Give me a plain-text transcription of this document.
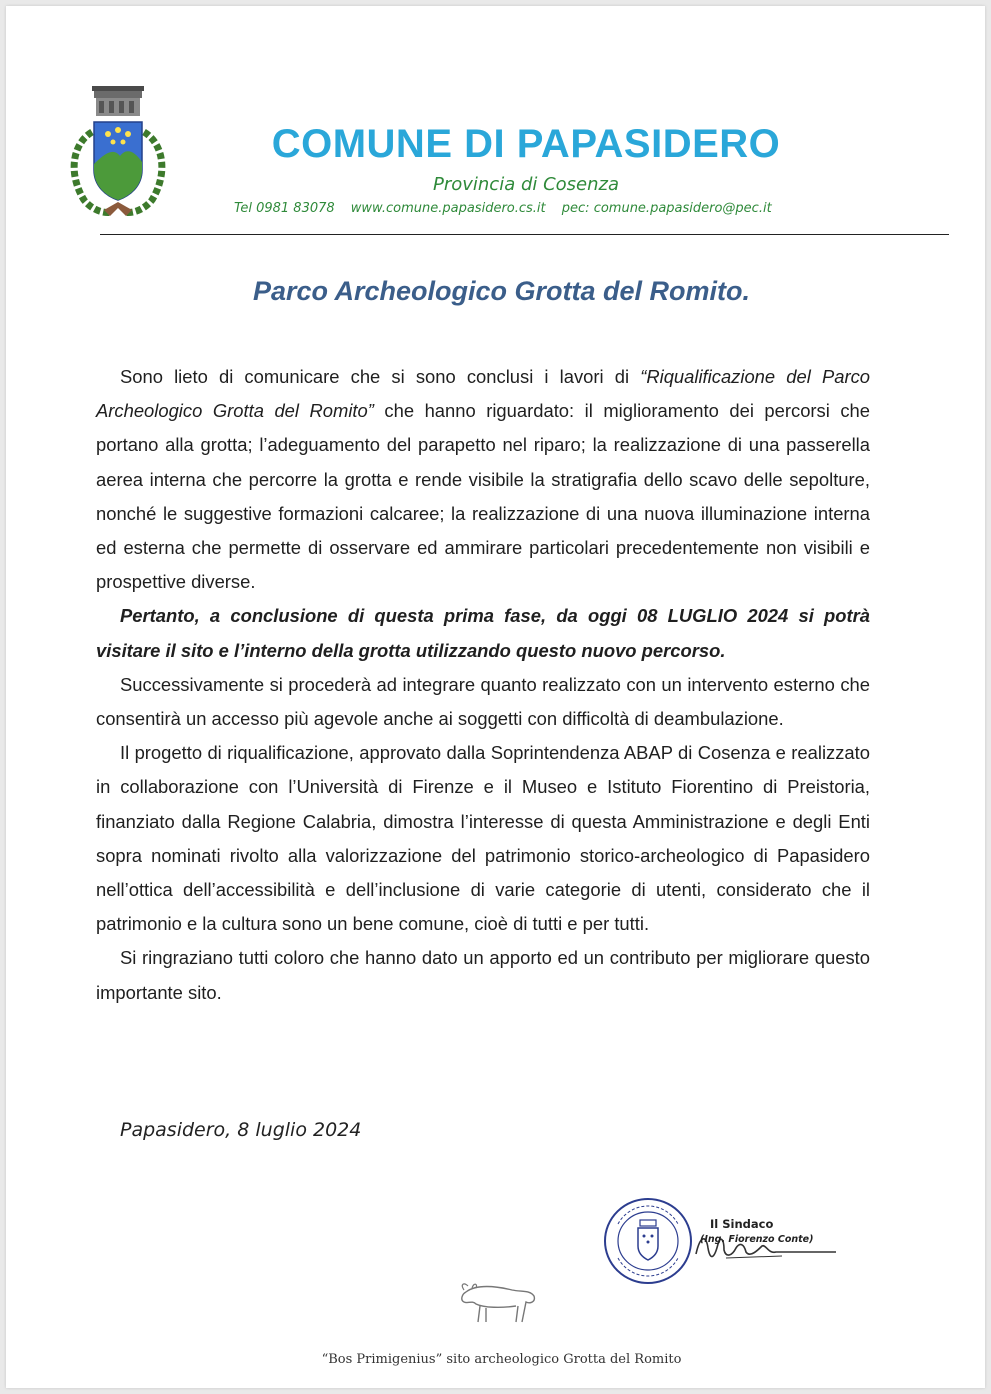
COMUNE DI PAPASIDERO
Provincia di Cosenza
Tel 0981 83078 www.comune.papasidero.cs.it pec: comune.papasidero@pec.it
Parco Archeologico Grotta del Romito.

Sono lieto di comunicare che si sono conclusi i lavori di “Riqualificazione del Parco Archeologico Grotta del Romito” che hanno riguardato: il miglioramento dei percorsi che portano alla grotta; l’adeguamento del parapetto nel riparo; la realizzazione di una passerella aerea interna che percorre la grotta e rende visibile la stratigrafia dello scavo delle sepolture, nonché le suggestive formazioni calcaree; la realizzazione di una nuova illuminazione interna ed esterna che permette di osservare ed ammirare particolari precedentemente non visibili e prospettive diverse.

Pertanto, a conclusione di questa prima fase, da oggi 08 LUGLIO 2024 si potrà visitare il sito e l’interno della grotta utilizzando questo nuovo percorso.

Successivamente si procederà ad integrare quanto realizzato con un intervento esterno che consentirà un accesso più agevole anche ai soggetti con difficoltà di deambulazione.

Il progetto di riqualificazione, approvato dalla Soprintendenza ABAP di Cosenza e realizzato in collaborazione con l’Università di Firenze e il Museo e Istituto Fiorentino di Preistoria, finanziato dalla Regione Calabria, dimostra l’interesse di questa Amministrazione e degli Enti sopra nominati rivolto alla valorizzazione del patrimonio storico-archeologico di Papasidero nell’ottica dell’accessibilità e dell’inclusione di varie categorie di utenti, considerato che il patrimonio e la cultura sono un bene comune, cioè di tutti e per tutti.

Si ringraziano tutti coloro che hanno dato un apporto ed un contributo per migliorare questo importante sito.

Papasidero, 8 luglio 2024
Il Sindaco
(Ing. Fiorenzo Conte)
“Bos Primigenius” sito archeologico Grotta del Romito
